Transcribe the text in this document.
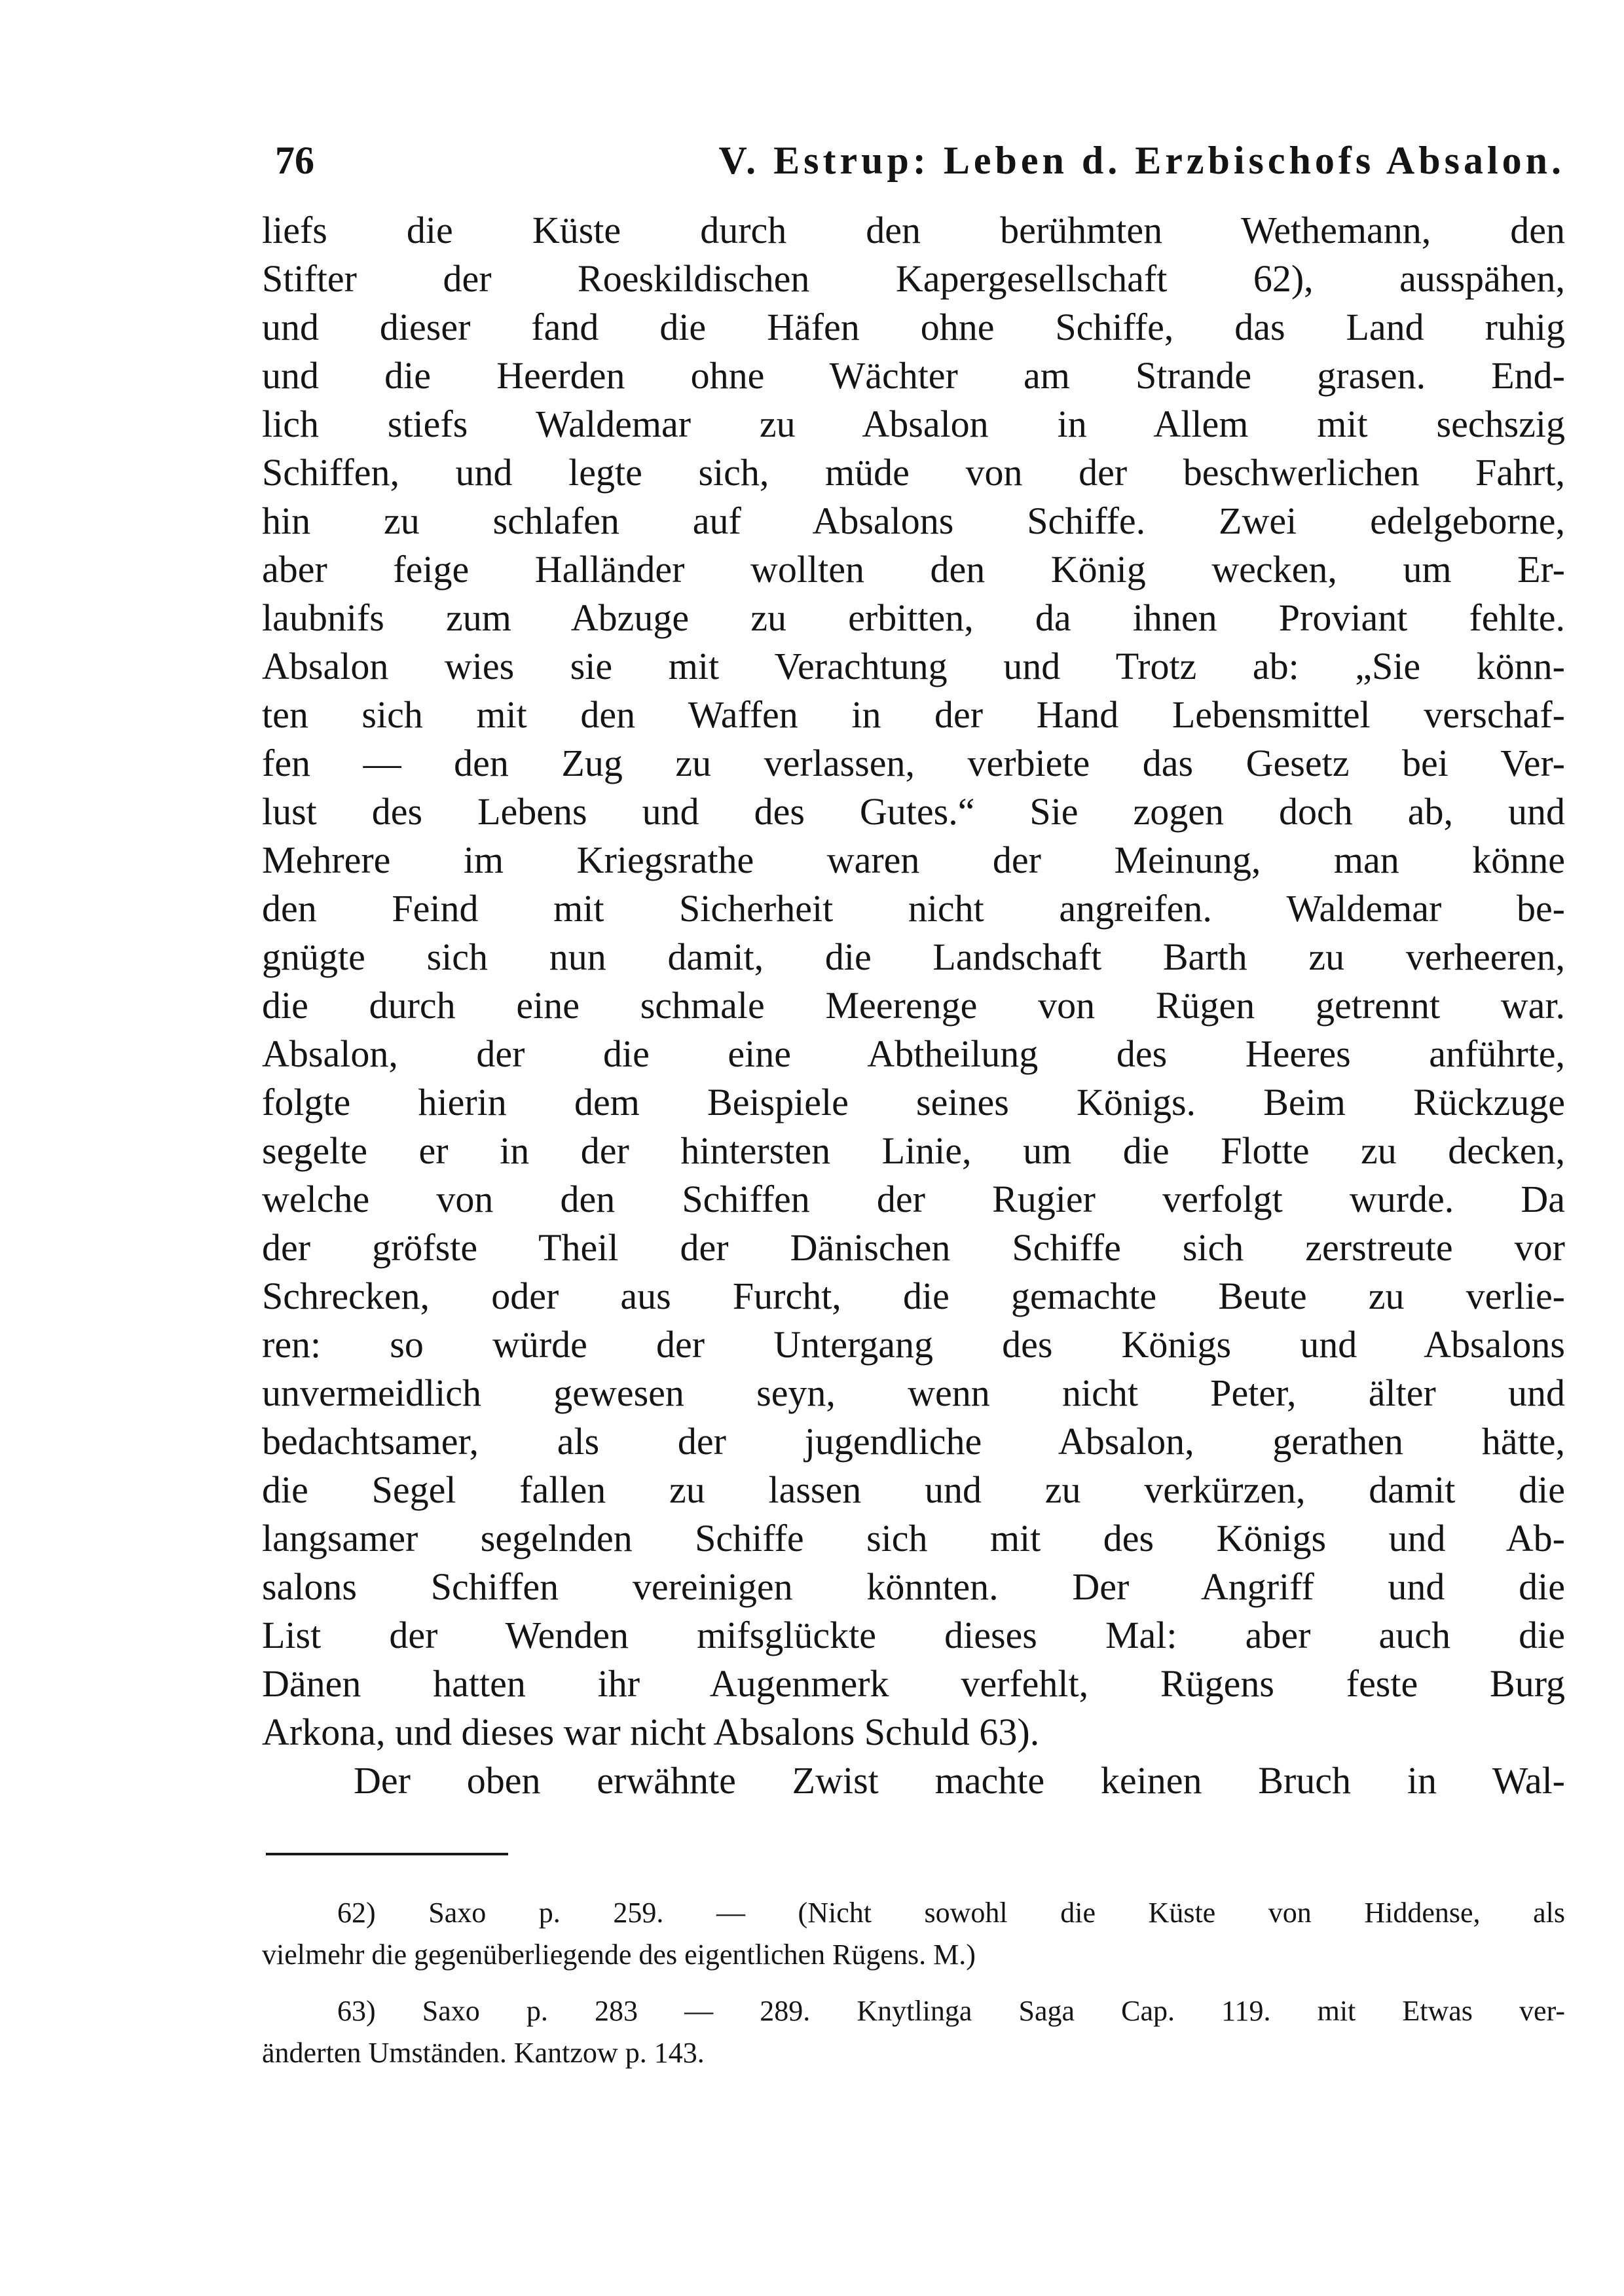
76	V. Estrup: Leben d. Erzbischofs Absalon.
liefs die Küste durch den berühmten Wethemann, den
Stifter der Roeskildischen Kapergesellschaft 62), ausspähen,
und dieser fand die Häfen ohne Schiffe, das Land ruhig
und die Heerden ohne Wächter am Strande grasen. End-
lich stiefs Waldemar zu Absalon in Allem mit sechszig
Schiffen, und legte sich, müde von der beschwerlichen Fahrt,
hin zu schlafen auf Absalons Schiffe. Zwei edelgeborne,
aber feige Halländer wollten den König wecken, um Er-
laubnifs zum Abzuge zu erbitten, da ihnen Proviant fehlte.
Absalon wies sie mit Verachtung und Trotz ab: „Sie könn-
ten sich mit den Waffen in der Hand Lebensmittel verschaf-
fen — den Zug zu verlassen, verbiete das Gesetz bei Ver-
lust des Lebens und des Gutes.“ Sie zogen doch ab, und
Mehrere im Kriegsrathe waren der Meinung, man könne
den Feind mit Sicherheit nicht angreifen. Waldemar be-
gnügte sich nun damit, die Landschaft Barth zu verheeren,
die durch eine schmale Meerenge von Rügen getrennt war.
Absalon, der die eine Abtheilung des Heeres anführte,
folgte hierin dem Beispiele seines Königs. Beim Rückzuge
segelte er in der hintersten Linie, um die Flotte zu decken,
welche von den Schiffen der Rugier verfolgt wurde. Da
der gröfste Theil der Dänischen Schiffe sich zerstreute vor
Schrecken, oder aus Furcht, die gemachte Beute zu verlie-
ren: so würde der Untergang des Königs und Absalons
unvermeidlich gewesen seyn, wenn nicht Peter, älter und
bedachtsamer, als der jugendliche Absalon, gerathen hätte,
die Segel fallen zu lassen und zu verkürzen, damit die
langsamer segelnden Schiffe sich mit des Königs und Ab-
salons Schiffen vereinigen könnten. Der Angriff und die
List der Wenden mifsglückte dieses Mal: aber auch die
Dänen hatten ihr Augenmerk verfehlt, Rügens feste Burg
Arkona, und dieses war nicht Absalons Schuld 63).
Der oben erwähnte Zwist machte keinen Bruch in Wal-
62) Saxo p. 259. — (Nicht sowohl die Küste von Hiddense, als
vielmehr die gegenüberliegende des eigentlichen Rügens. M.)
63) Saxo p. 283 — 289. Knytlinga Saga Cap. 119. mit Etwas ver-
änderten Umständen. Kantzow p. 143.
